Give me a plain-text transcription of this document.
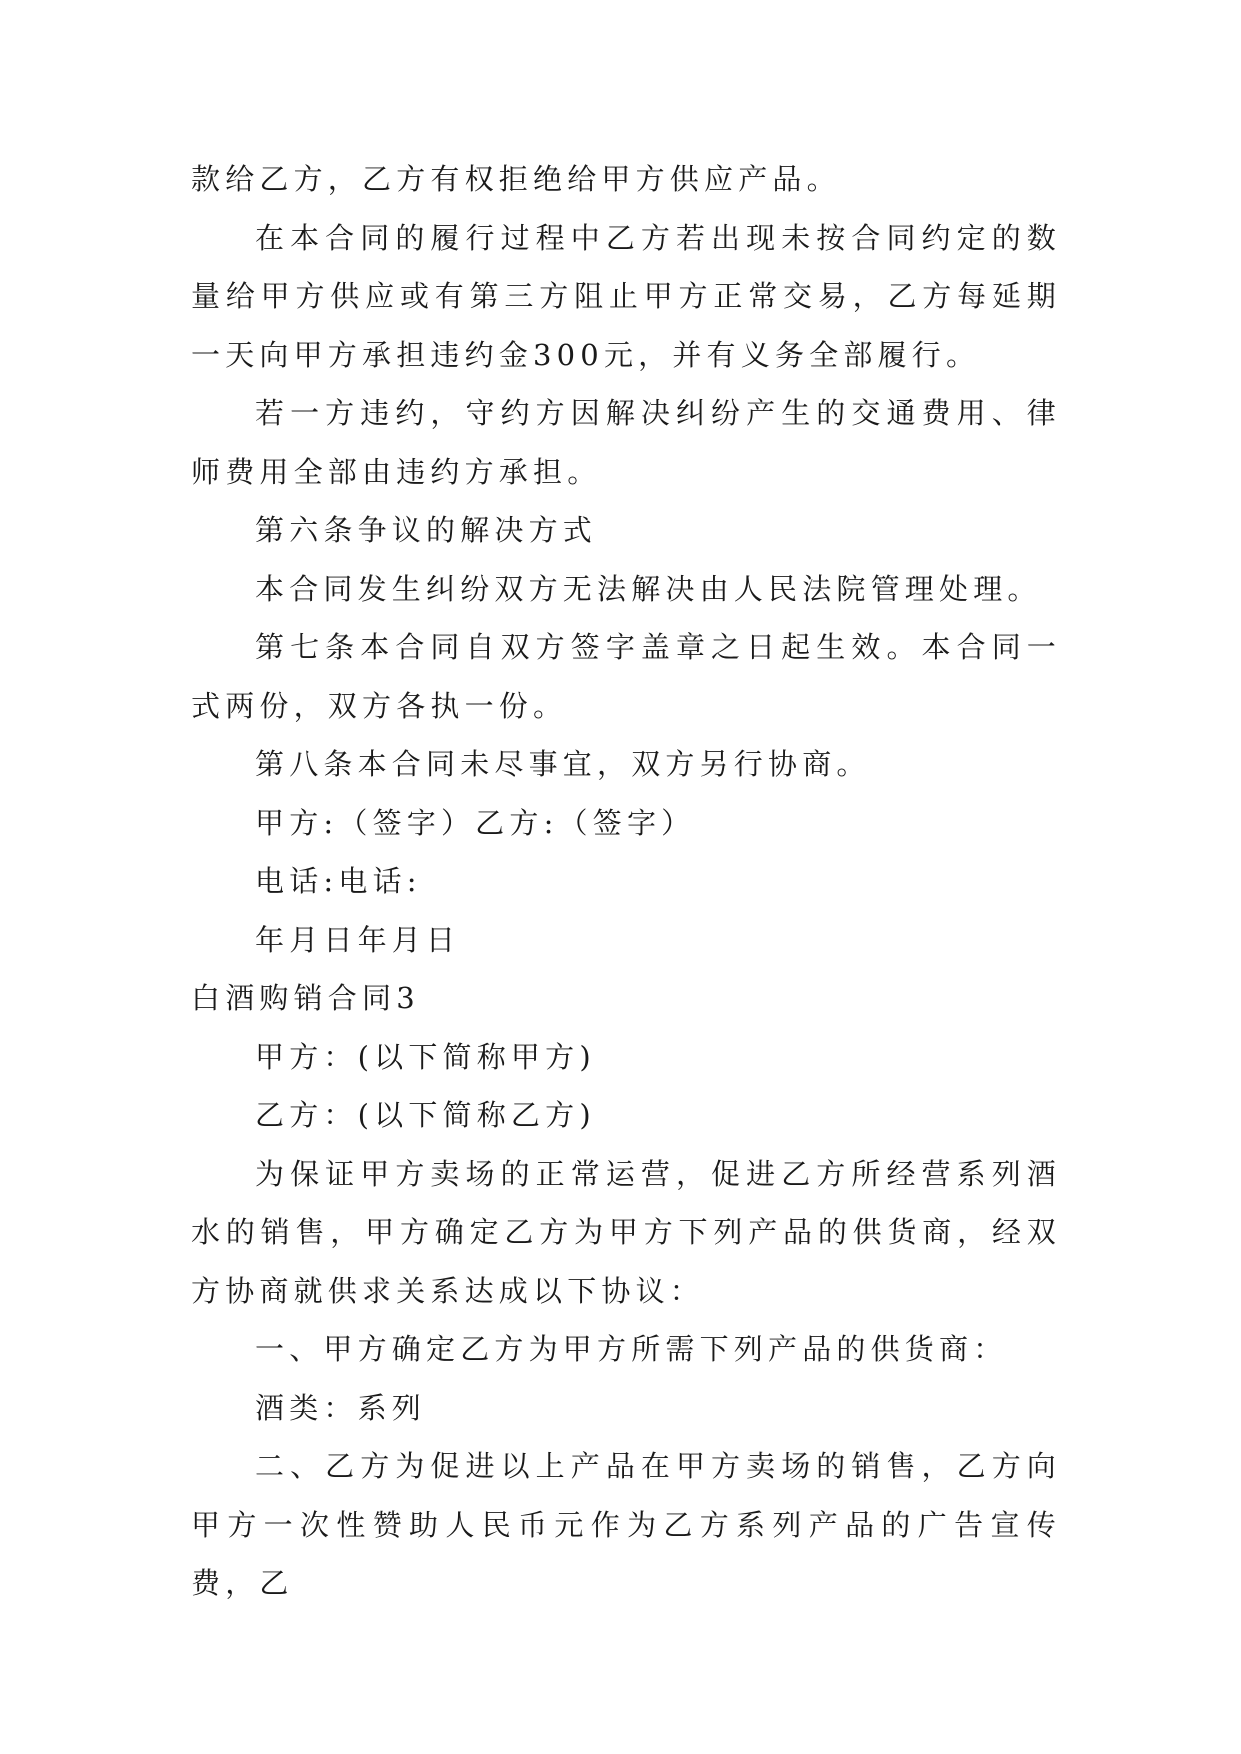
款给乙方，乙方有权拒绝给甲方供应产品。

在本合同的履行过程中乙方若出现未按合同约定的数量给甲方供应或有第三方阻止甲方正常交易，乙方每延期一天向甲方承担违约金300元，并有义务全部履行。

若一方违约，守约方因解决纠纷产生的交通费用、律师费用全部由违约方承担。

第六条争议的解决方式

本合同发生纠纷双方无法解决由人民法院管理处理。

第七条本合同自双方签字盖章之日起生效。本合同一式两份，双方各执一份。

第八条本合同未尽事宜，双方另行协商。

甲方:（签字）乙方:（签字）

电话:电话:

年月日年月日

白酒购销合同3

甲方：(以下简称甲方)

乙方：(以下简称乙方)

为保证甲方卖场的正常运营，促进乙方所经营系列酒水的销售，甲方确定乙方为甲方下列产品的供货商，经双方协商就供求关系达成以下协议：

一、甲方确定乙方为甲方所需下列产品的供货商：

酒类：系列

二、乙方为促进以上产品在甲方卖场的销售，乙方向甲方一次性赞助人民币元作为乙方系列产品的广告宣传费，乙
